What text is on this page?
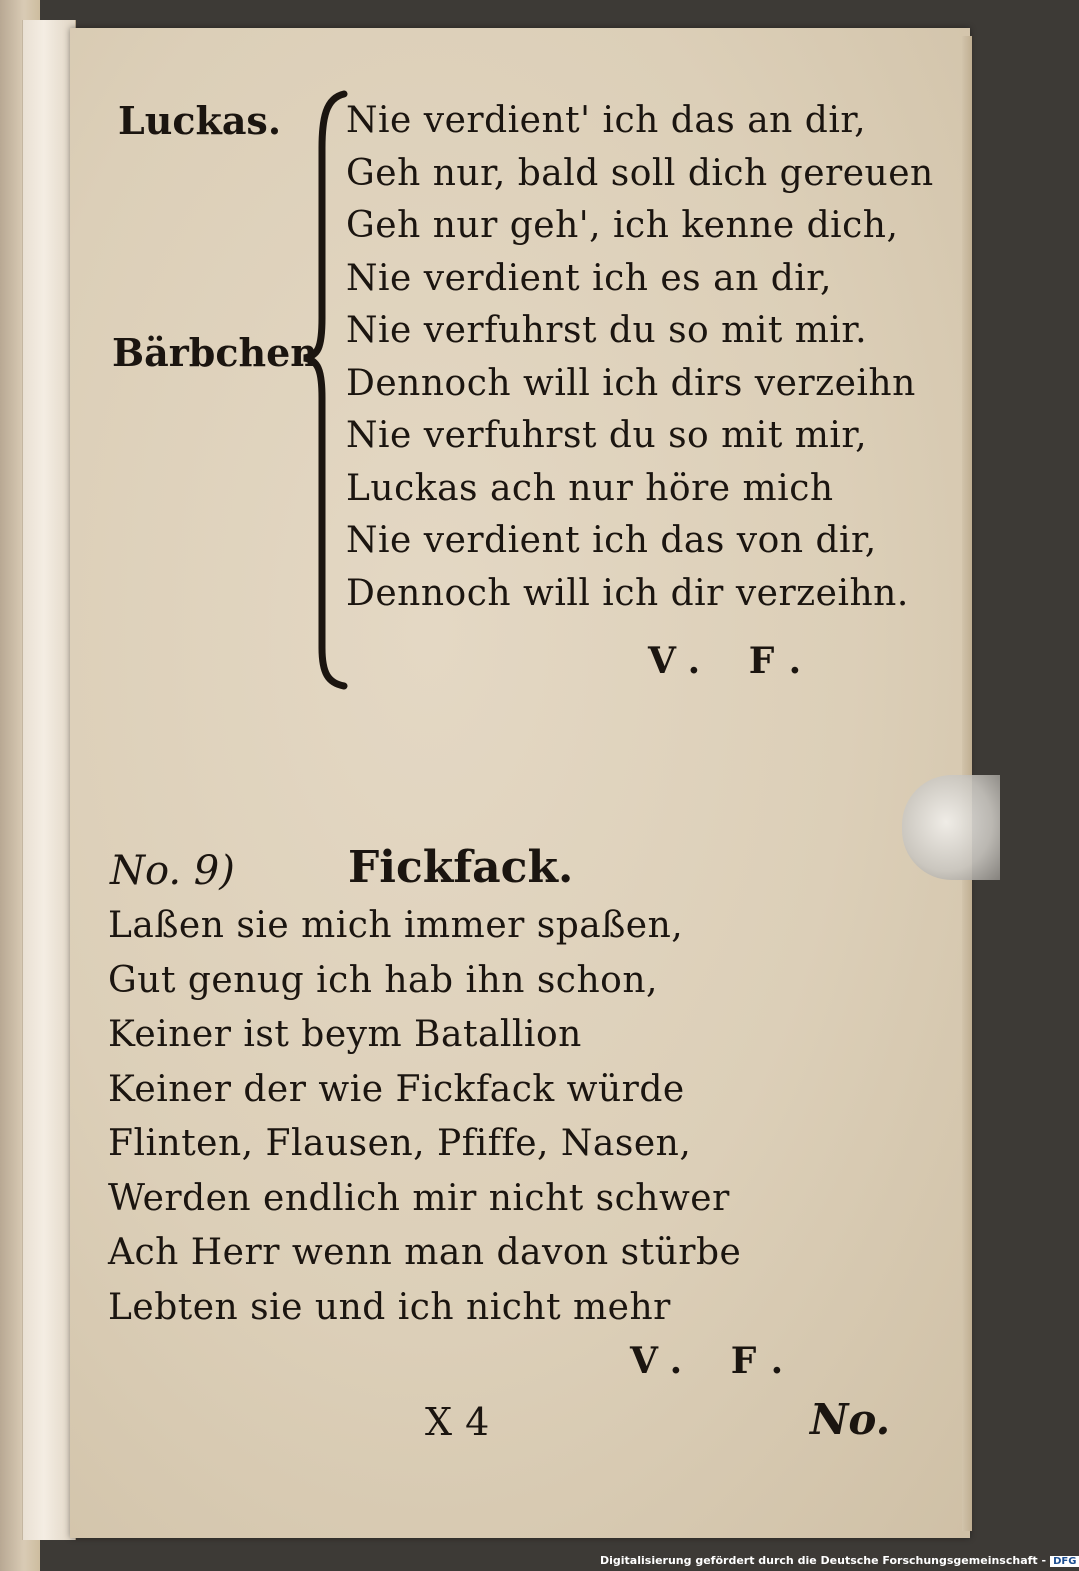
Luckas.
Bärbchen
Nie verdient' ich das an dir,
Geh nur, bald soll dich gereuen
Geh nur geh', ich kenne dich,
Nie verdient ich es an dir,
Nie verfuhrst du so mit mir.
Dennoch will ich dirs verzeihn
Nie verfuhrst du so mit mir,
Luckas ach nur höre mich
Nie verdient ich das von dir,
Dennoch will ich dir verzeihn.
V. F.
No. 9)	Fickfack.
Laßen sie mich immer spaßen,
Gut genug ich hab ihn schon,
Keiner ist beym Batallion
Keiner der wie Fickfack würde
Flinten, Flausen, Pfiffe, Nasen,
Werden endlich mir nicht schwer
Ach Herr wenn man davon stürbe
Lebten sie und ich nicht mehr
V. F.
X 4	No.
Digitalisierung gefördert durch die Deutsche Forschungsgemeinschaft - DFG
